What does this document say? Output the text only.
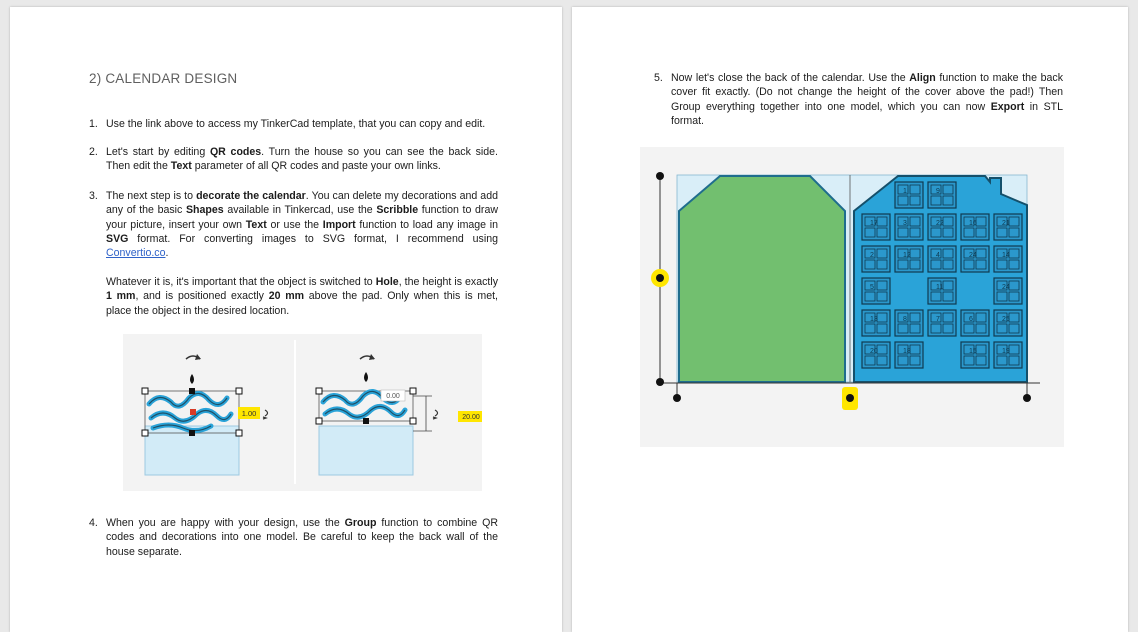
2) CALENDAR DESIGN
1. Use the link above to access my TinkerCad template, that you can copy and edit.
2. Let's start by editing QR codes. Turn the house so you can see the back side. Then edit the Text parameter of all QR codes and paste your own links.
3. The next step is to decorate the calendar. You can delete my decorations and add any of the basic Shapes available in Tinkercad, use the Scribble function to draw your picture, insert your own Text or use the Import function to load any image in SVG format. For converting images to SVG format, I recommend using Convertio.co.
Whatever it is, it's important that the object is switched to Hole, the height is exactly 1 mm, and is positioned exactly 20 mm above the pad. Only when this is met, place the object in the desired location.
1.00
0.00
20.00
4. When you are happy with your design, use the Group function to combine QR codes and decorations into one model. Be careful to keep the back wall of the house separate.
5. Now let's close the back of the calendar. Use the Align function to make the back cover fit exactly. (Do not change the height of the cover above the pad!) Then Group everything together into one model, which you can now Export in STL format.
1	9
17	3	22	16	21
2	12	4	24	14
5	11	24
13	8	7	6	25
20	18	15	19
